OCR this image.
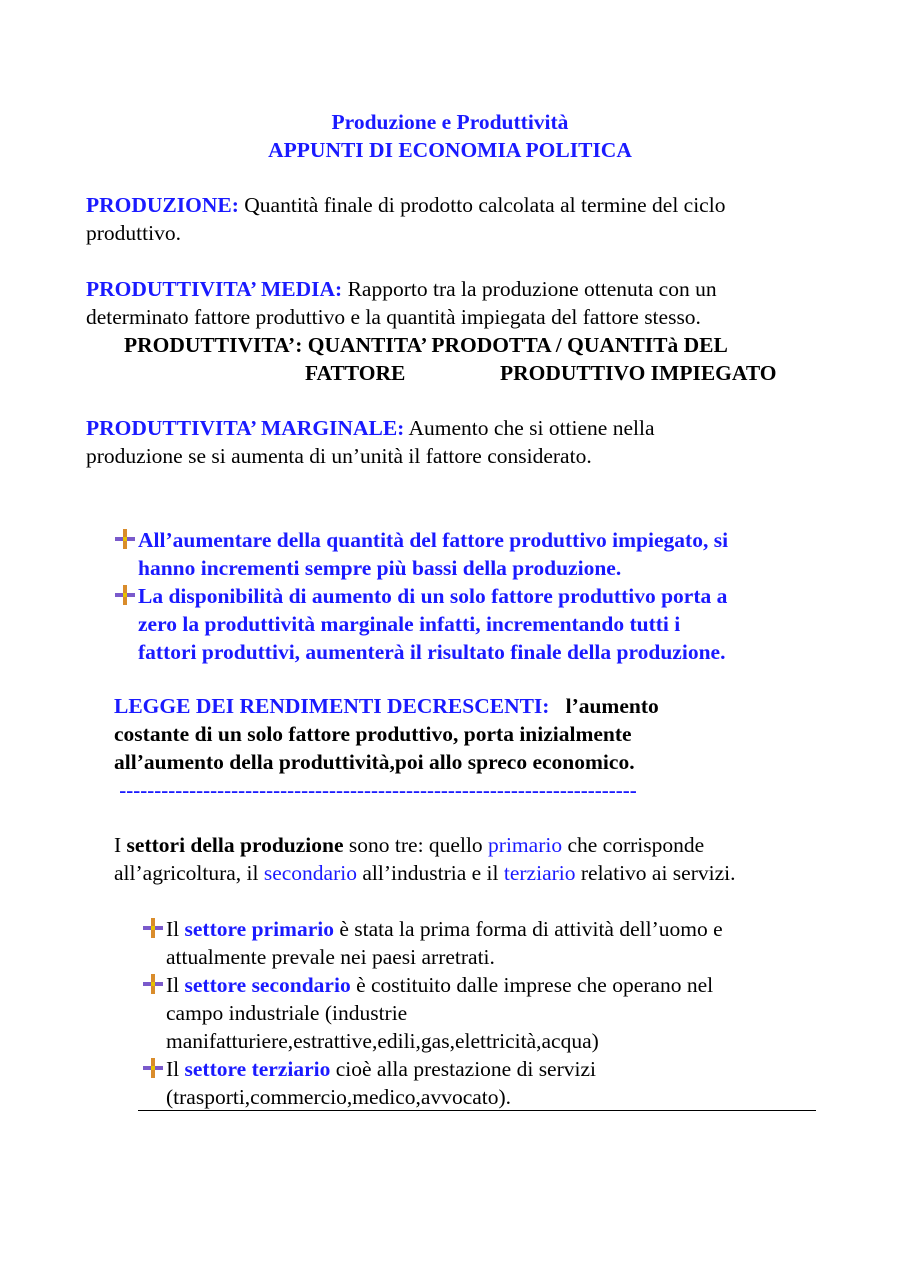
Produzione e Produttività
APPUNTI DI ECONOMIA POLITICA
PRODUZIONE: Quantità finale di prodotto calcolata al termine del ciclo
produttivo.
PRODUTTIVITA’ MEDIA: Rapporto tra la produzione ottenuta con un
determinato fattore produttivo e la quantità impiegata del fattore stesso.
PRODUTTIVITA’: QUANTITA’ PRODOTTA / QUANTITà DEL
FATTORE	PRODUTTIVO IMPIEGATO
PRODUTTIVITA’ MARGINALE: Aumento che si ottiene nella
produzione se si aumenta di un’unità il fattore considerato.
All’aumentare della quantità del fattore produttivo impiegato, si
hanno incrementi sempre più bassi della produzione.
La disponibilità di aumento di un solo fattore produttivo porta a
zero la produttività marginale infatti, incrementando tutti i
fattori produttivi, aumenterà il risultato finale della produzione.
LEGGE DEI RENDIMENTI DECRESCENTI:   l’aumento
costante di un solo fattore produttivo, porta inizialmente
all’aumento della produttività,poi allo spreco economico.
--------------------------------------------------------------------------
I settori della produzione sono tre: quello primario che corrisponde
all’agricoltura, il secondario all’industria e il terziario relativo ai servizi.
Il settore primario è stata la prima forma di attività dell’uomo e
attualmente prevale nei paesi arretrati.
Il settore secondario è costituito dalle imprese che operano nel
campo industriale (industrie
manifatturiere,estrattive,edili,gas,elettricità,acqua)
Il settore terziario cioè alla prestazione di servizi
(trasporti,commercio,medico,avvocato).
